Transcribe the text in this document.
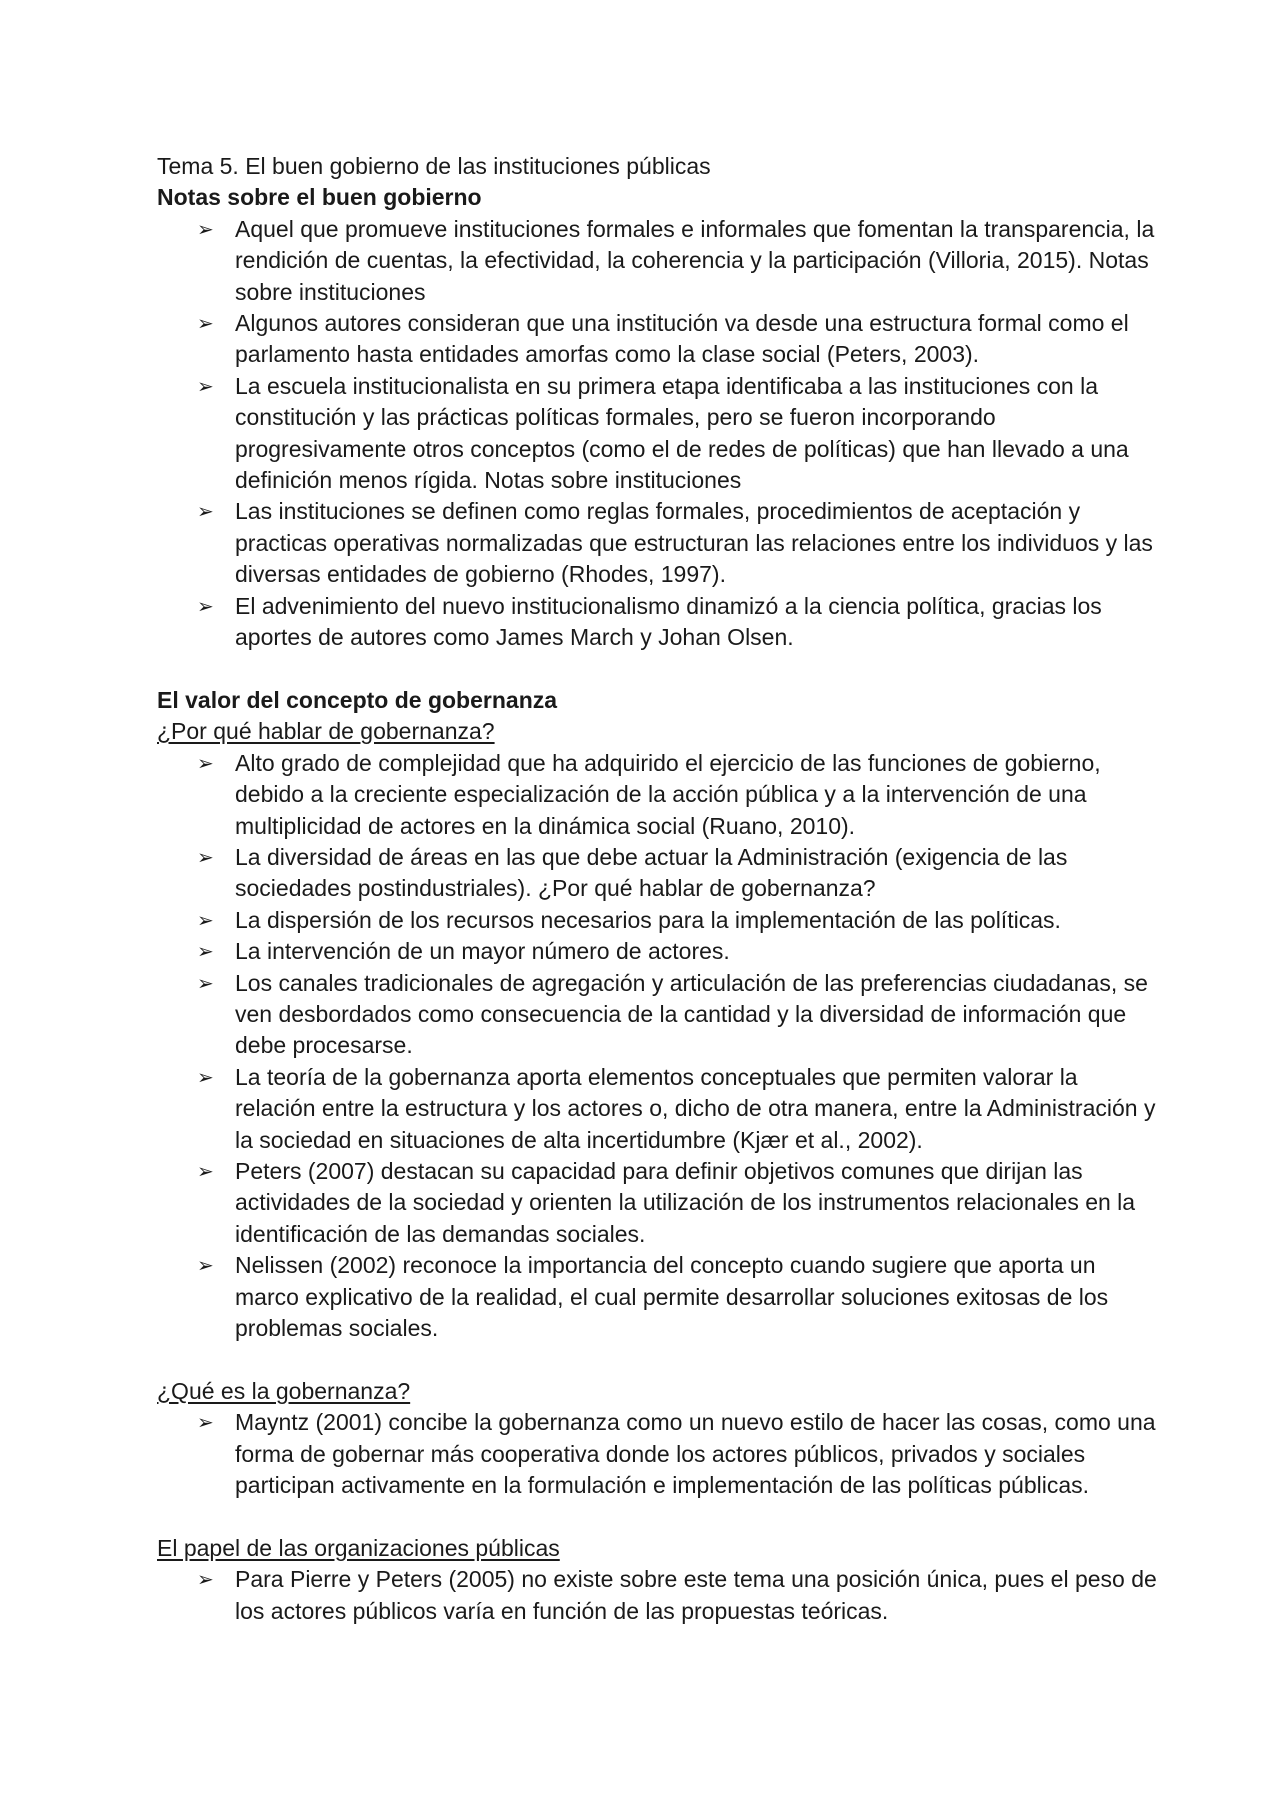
Tema 5. El buen gobierno de las instituciones públicas

Notas sobre el buen gobierno

➢ Aquel que promueve instituciones formales e informales que fomentan la transparencia, la rendición de cuentas, la efectividad, la coherencia y la participación (Villoria, 2015). Notas sobre instituciones
➢ Algunos autores consideran que una institución va desde una estructura formal como el parlamento hasta entidades amorfas como la clase social (Peters, 2003).
➢ La escuela institucionalista en su primera etapa identificaba a las instituciones con la constitución y las prácticas políticas formales, pero se fueron incorporando progresivamente otros conceptos (como el de redes de políticas) que han llevado a una definición menos rígida. Notas sobre instituciones
➢ Las instituciones se definen como reglas formales, procedimientos de aceptación y practicas operativas normalizadas que estructuran las relaciones entre los individuos y las diversas entidades de gobierno (Rhodes, 1997).
➢ El advenimiento del nuevo institucionalismo dinamizó a la ciencia política, gracias los aportes de autores como James March y Johan Olsen.

El valor del concepto de gobernanza

¿Por qué hablar de gobernanza?

➢ Alto grado de complejidad que ha adquirido el ejercicio de las funciones de gobierno, debido a la creciente especialización de la acción pública y a la intervención de una multiplicidad de actores en la dinámica social (Ruano, 2010).
➢ La diversidad de áreas en las que debe actuar la Administración (exigencia de las sociedades postindustriales). ¿Por qué hablar de gobernanza?
➢ La dispersión de los recursos necesarios para la implementación de las políticas.
➢ La intervención de un mayor número de actores.
➢ Los canales tradicionales de agregación y articulación de las preferencias ciudadanas, se ven desbordados como consecuencia de la cantidad y la diversidad de información que debe procesarse.
➢ La teoría de la gobernanza aporta elementos conceptuales que permiten valorar la relación entre la estructura y los actores o, dicho de otra manera, entre la Administración y la sociedad en situaciones de alta incertidumbre (Kjær et al., 2002).
➢ Peters (2007) destacan su capacidad para definir objetivos comunes que dirijan las actividades de la sociedad y orienten la utilización de los instrumentos relacionales en la identificación de las demandas sociales.
➢ Nelissen (2002) reconoce la importancia del concepto cuando sugiere que aporta un marco explicativo de la realidad, el cual permite desarrollar soluciones exitosas de los problemas sociales.

¿Qué es la gobernanza?

➢ Mayntz (2001) concibe la gobernanza como un nuevo estilo de hacer las cosas, como una forma de gobernar más cooperativa donde los actores públicos, privados y sociales participan activamente en la formulación e implementación de las políticas públicas.

El papel de las organizaciones públicas

➢ Para Pierre y Peters (2005) no existe sobre este tema una posición única, pues el peso de los actores públicos varía en función de las propuestas teóricas.
